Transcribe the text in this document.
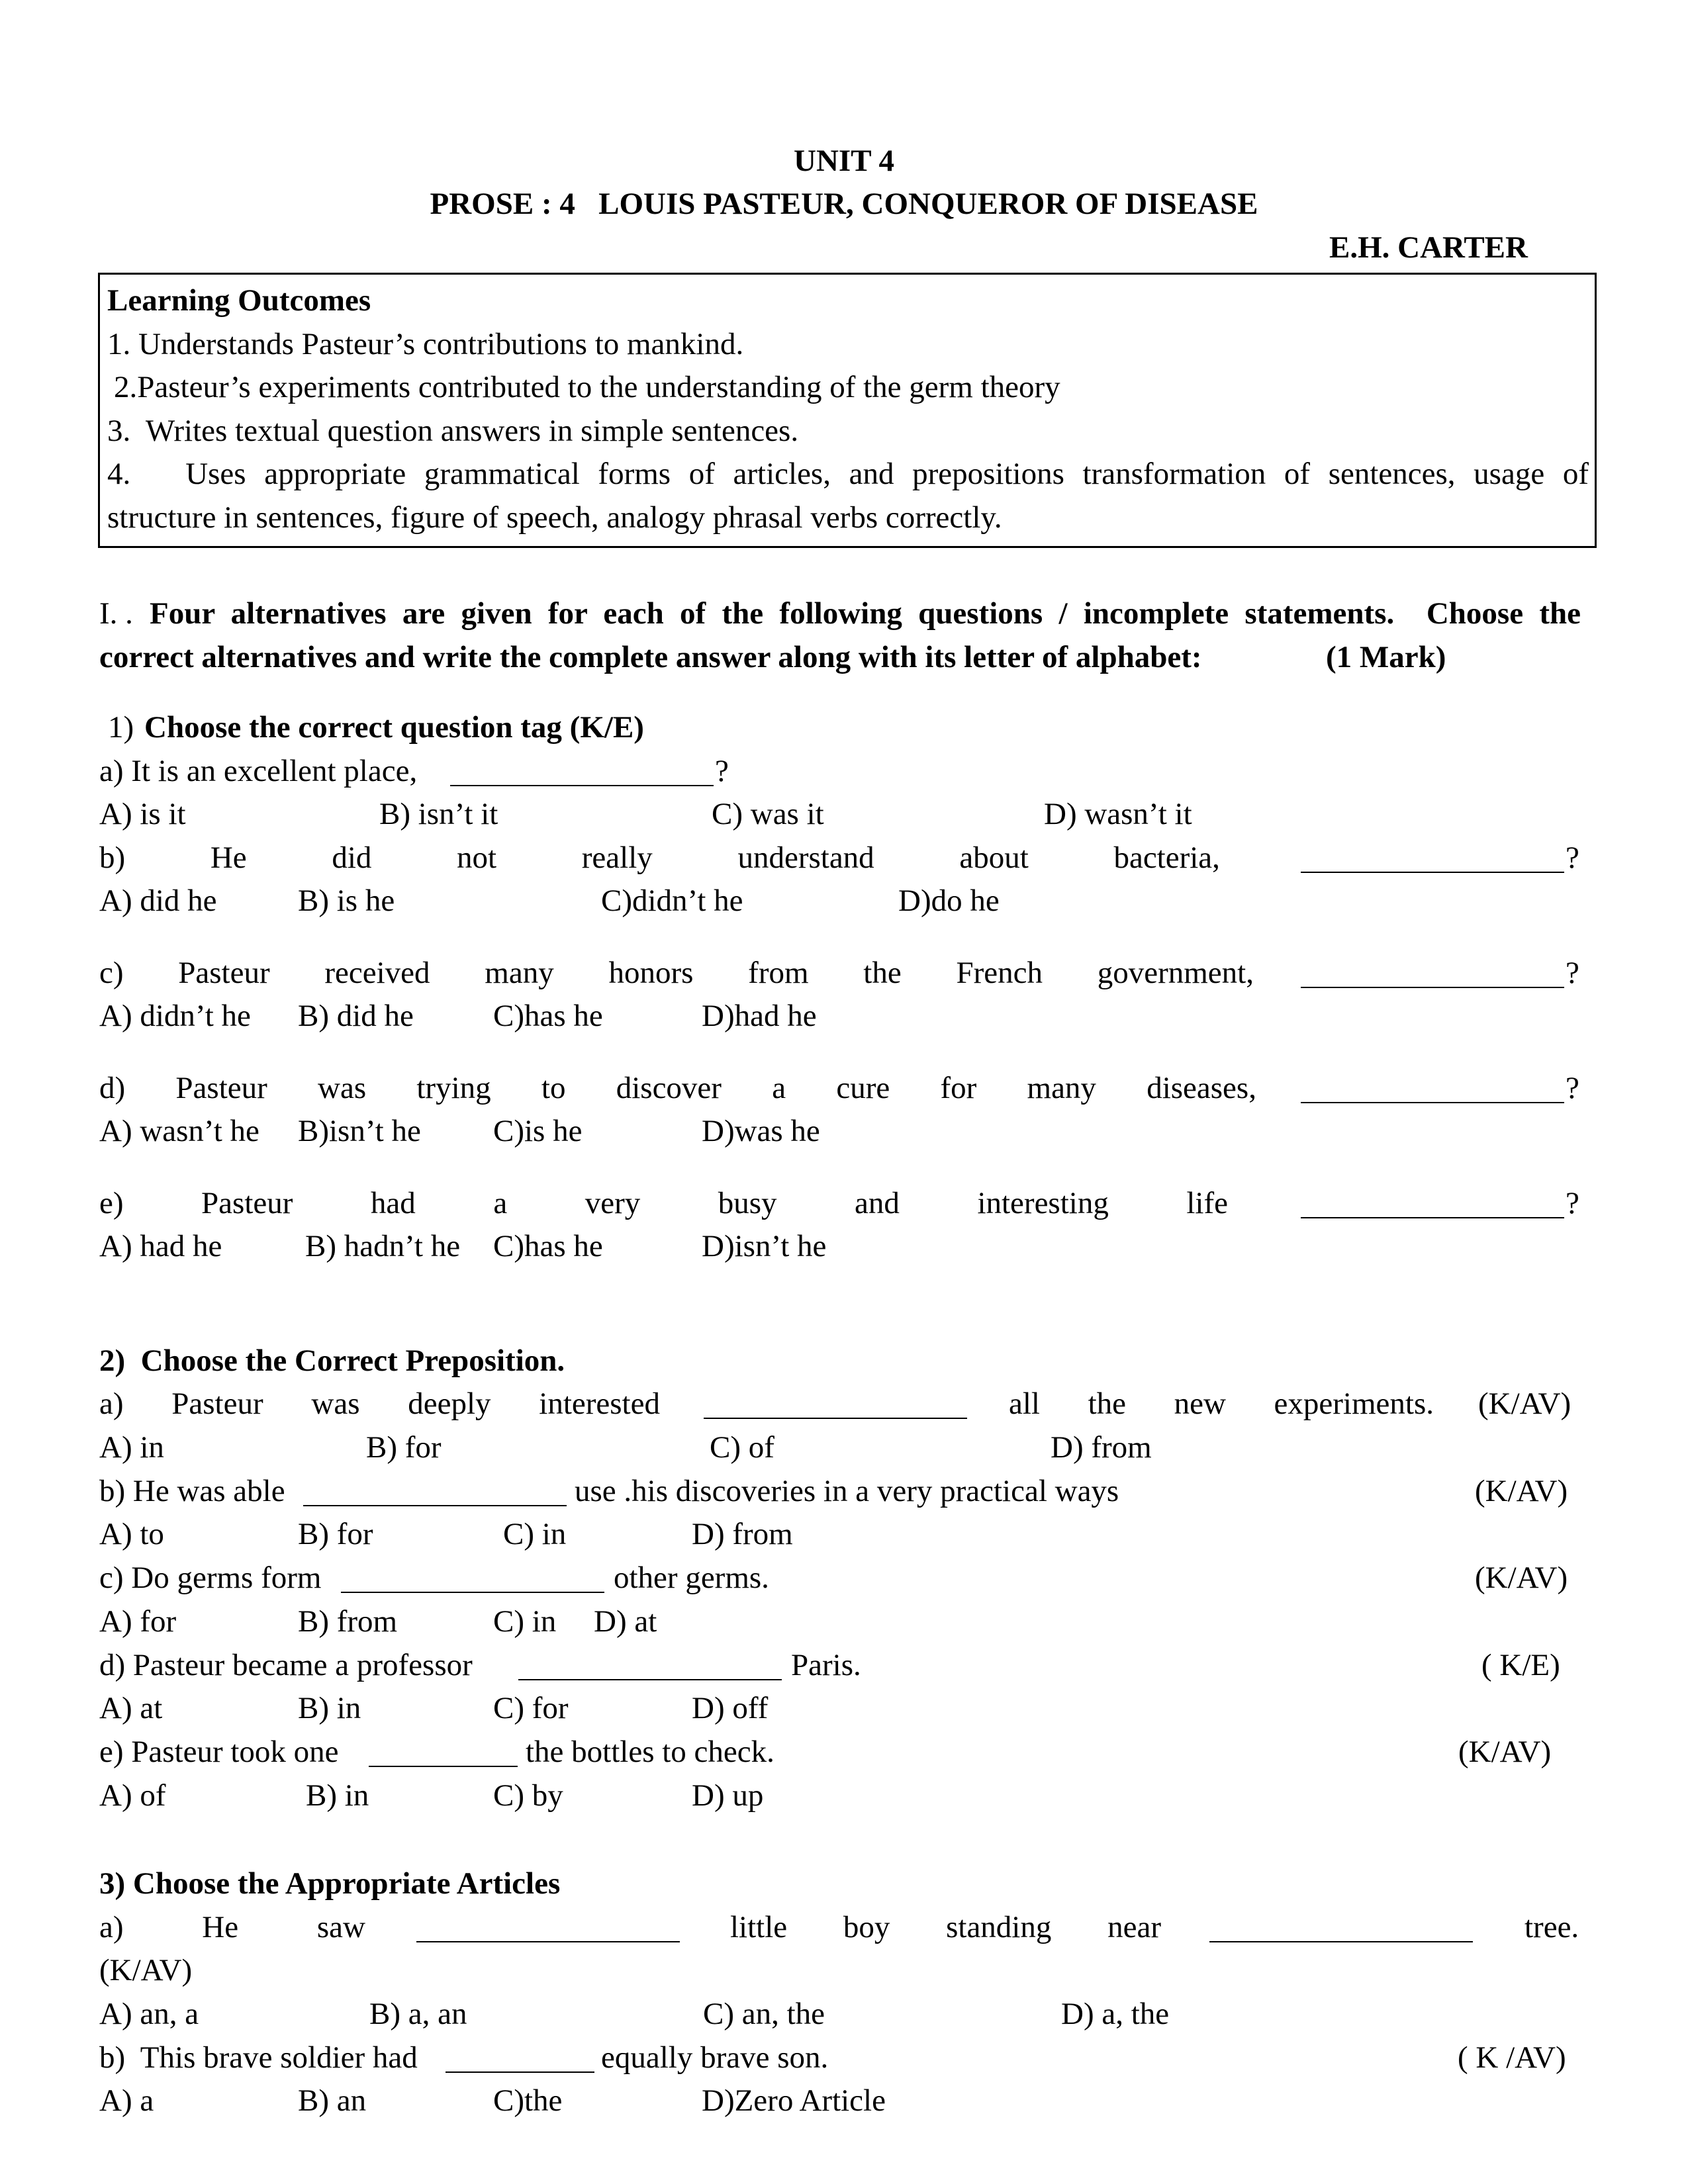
UNIT 4
PROSE : 4   LOUIS PASTEUR, CONQUEROR OF DISEASE
E.H. CARTER
Learning Outcomes
1. Understands Pasteur’s contributions to mankind.
2.Pasteur’s experiments contributed to the understanding of the germ theory
3.  Writes textual question answers in simple sentences.
4.   Uses appropriate grammatical forms of articles, and prepositions transformation of sentences, usage of
structure in sentences, figure of speech, analogy phrasal verbs correctly.
I. . Four alternatives are given for each of the following questions / incomplete statements.  Choose the
correct alternatives and write the complete answer along with its letter of alphabet:	(1 Mark)
1) Choose the correct question tag (K/E)
a) It is an excellent place,	?
A) is it	B) isn’t it	C) was it	D) wasn’t it
b)	He	did	not	really	understand	about	bacteria,	?
A) did he	B) is he	C)didn’t he	D)do he
c) Pasteur received many honors from the French government,	?
A) didn’t he B) did he	C)has he	D)had he
d) Pasteur was trying to discover a cure for many diseases,	?
A) wasn’t he B)isn’t he C)is he	D)was he
e)	Pasteur	had	a	very	busy	and	interesting	life	?
A) had he	B) hadn’t he C)has he	D)isn’t he
2)  Choose the Correct Preposition.
a) Pasteur was deeply interested	all the new experiments. (K/AV)
A) in	B) for	C) of	D) from
b) He was able	use .his discoveries in a very practical ways	(K/AV)
A) to	B) for	C) in	D) from
c) Do germs form	other germs.	(K/AV)
A) for	B) from	C) in D) at
d) Pasteur became a professor	Paris.	( K/E)
A) at	B) in	C) for	D) off
e) Pasteur took one	the bottles to check.	(K/AV)
A) of	B) in	C) by	D) up
3) Choose the Appropriate Articles
a)	He	saw	little boy standing near	tree.
(K/AV)
A) an, a	B) a, an	C) an, the	D) a, the
b)  This brave soldier had	equally brave son.	( K /AV)
A) a	B) an	C)the	D)Zero Article
